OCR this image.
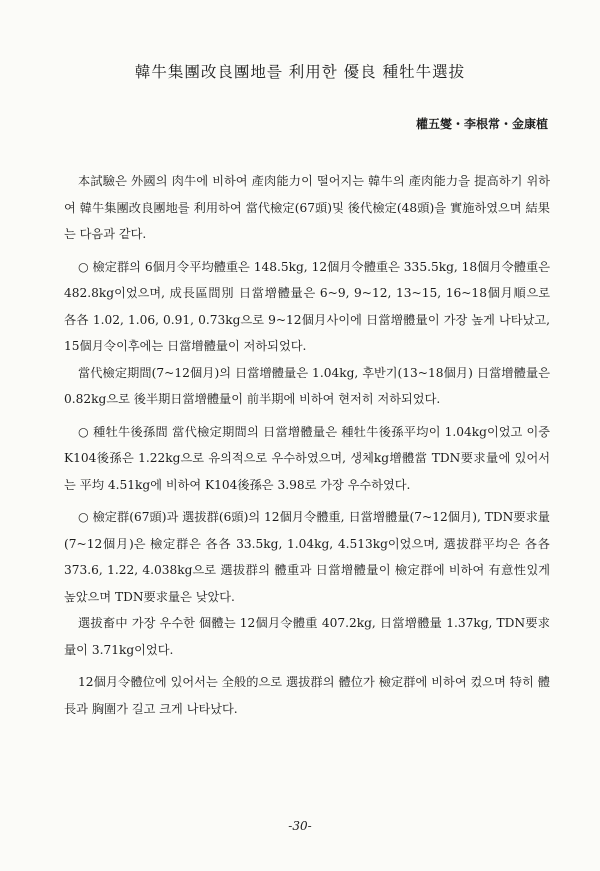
韓牛集團改良團地를 利用한 優良 種牡牛選拔
權五燮・李根常・金康植

本試驗은 外國의 肉牛에 비하여 產肉能力이 떨어지는 韓牛의 產肉能力을 提高하기 위하여 韓牛集團改良團地를 利用하여 當代檢定(67頭)및 後代檢定(48頭)을 實施하였으며 結果는 다음과 같다.

○ 檢定群의 6個月令平均體重은 148.5kg, 12個月令體重은 335.5kg, 18個月令體重은 482.8kg이었으며, 成長區間別 日當增體量은 6~9, 9~12, 13~15, 16~18個月順으로 各各 1.02, 1.06, 0.91, 0.73kg으로 9~12個月사이에 日當增體量이 가장 높게 나타났고, 15個月令이후에는 日當增體量이 저하되었다.

當代檢定期間(7~12個月)의 日當增體量은 1.04kg, 후반기(13~18個月) 日當增體量은 0.82kg으로 後半期日當增體量이 前半期에 비하여 현저히 저하되었다.

○ 種牡牛後孫間 當代檢定期間의 日當增體量은 種牡牛後孫平均이 1.04kg이었고 이중 K104後孫은 1.22kg으로 유의적으로 우수하였으며, 생체kg增體當 TDN要求量에 있어서는 平均 4.51kg에 비하여 K104後孫은 3.98로 가장 우수하였다.

○ 檢定群(67頭)과 選拔群(6頭)의 12個月令體重, 日當增體量(7~12個月), TDN要求量(7~12個月)은 檢定群은 各各 33.5kg, 1.04kg, 4.513kg이었으며, 選拔群平均은 各各 373.6, 1.22, 4.038kg으로 選拔群의 體重과 日當增體量이 檢定群에 비하여 有意性있게 높았으며 TDN要求量은 낮았다.

選拔畜中 가장 우수한 個體는 12個月令體重 407.2kg, 日當增體量 1.37kg, TDN要求量이 3.71kg이었다.

12個月令體位에 있어서는 全般的으로 選拔群의 體位가 檢定群에 비하여 컸으며 特히 體長과 胸圍가 길고 크게 나타났다.

-30-
